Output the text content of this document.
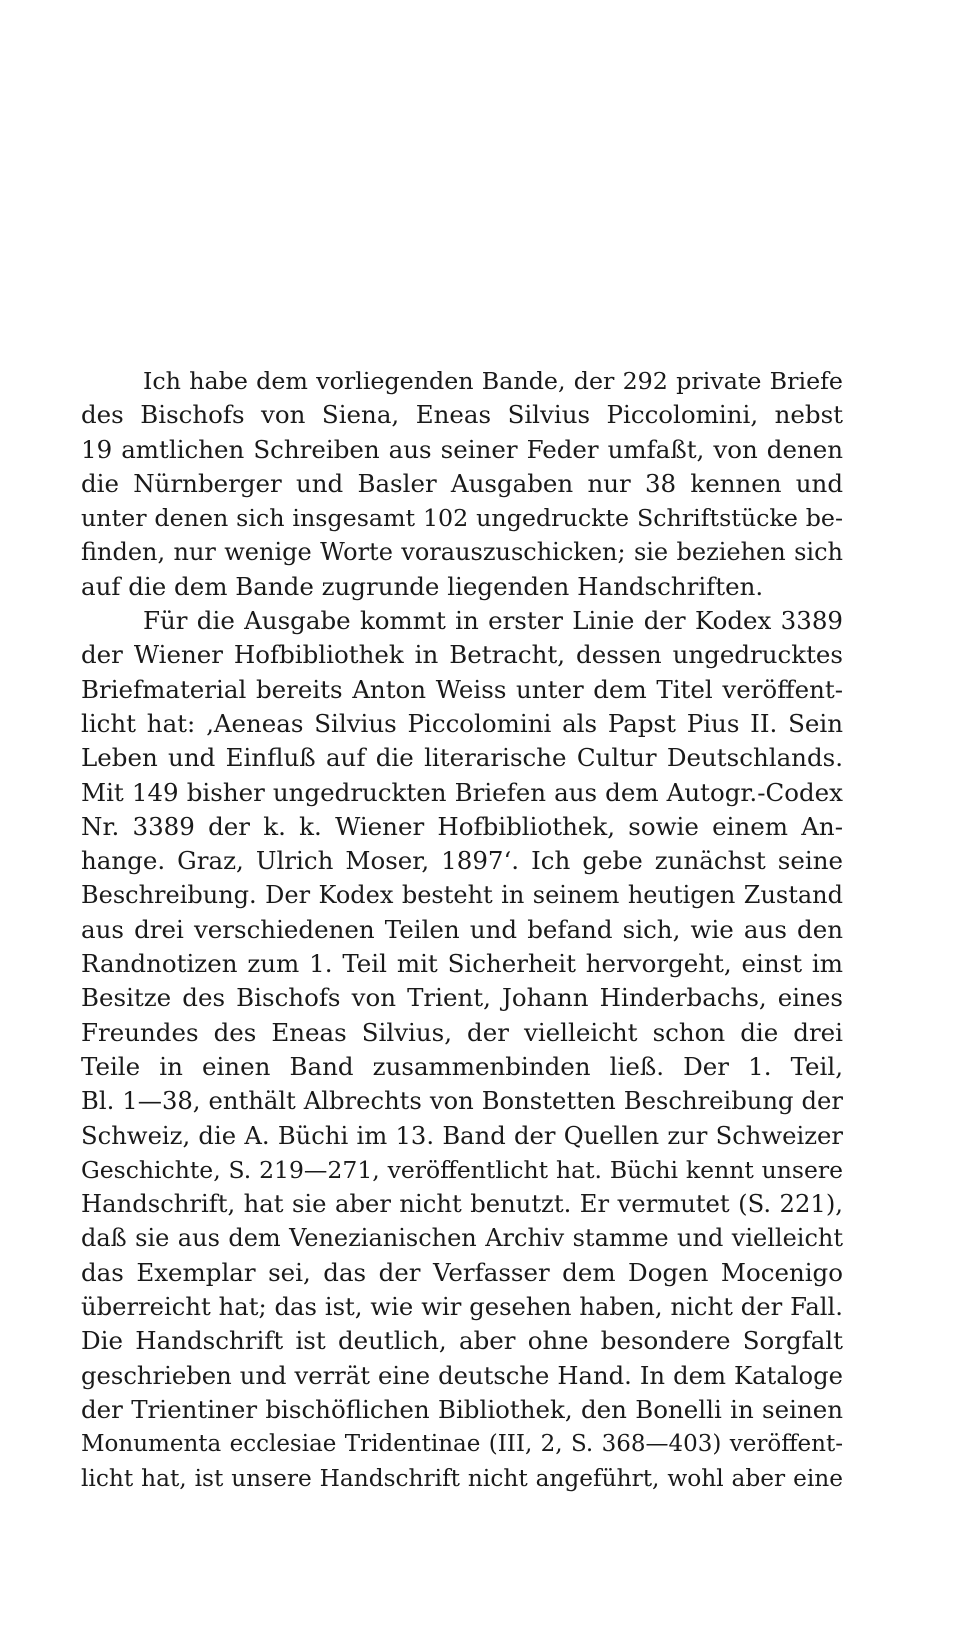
Ich habe dem vorliegenden Bande, der 292 private Briefe
des Bischofs von Siena, Eneas Silvius Piccolomini, nebst
19 amtlichen Schreiben aus seiner Feder umfaßt, von denen
die Nürnberger und Basler Ausgaben nur 38 kennen und
unter denen sich insgesamt 102 ungedruckte Schriftstücke be-
finden, nur wenige Worte vorauszuschicken; sie beziehen sich
auf die dem Bande zugrunde liegenden Handschriften.
Für die Ausgabe kommt in erster Linie der Kodex 3389
der Wiener Hofbibliothek in Betracht, dessen ungedrucktes
Briefmaterial bereits Anton Weiss unter dem Titel veröffent-
licht hat: ‚Aeneas Silvius Piccolomini als Papst Pius II. Sein
Leben und Einfluß auf die literarische Cultur Deutschlands.
Mit 149 bisher ungedruckten Briefen aus dem Autogr.-Codex
Nr. 3389 der k. k. Wiener Hofbibliothek, sowie einem An-
hange. Graz, Ulrich Moser, 1897‘. Ich gebe zunächst seine
Beschreibung. Der Kodex besteht in seinem heutigen Zustand
aus drei verschiedenen Teilen und befand sich, wie aus den
Randnotizen zum 1. Teil mit Sicherheit hervorgeht, einst im
Besitze des Bischofs von Trient, Johann Hinderbachs, eines
Freundes des Eneas Silvius, der vielleicht schon die drei
Teile in einen Band zusammenbinden ließ. Der 1. Teil,
Bl. 1—38, enthält Albrechts von Bonstetten Beschreibung der
Schweiz, die A. Büchi im 13. Band der Quellen zur Schweizer
Geschichte, S. 219—271, veröffentlicht hat. Büchi kennt unsere
Handschrift, hat sie aber nicht benutzt. Er vermutet (S. 221),
daß sie aus dem Venezianischen Archiv stamme und vielleicht
das Exemplar sei, das der Verfasser dem Dogen Mocenigo
überreicht hat; das ist, wie wir gesehen haben, nicht der Fall.
Die Handschrift ist deutlich, aber ohne besondere Sorgfalt
geschrieben und verrät eine deutsche Hand. In dem Kataloge
der Trientiner bischöflichen Bibliothek, den Bonelli in seinen
Monumenta ecclesiae Tridentinae (III, 2, S. 368—403) veröffent-
licht hat, ist unsere Handschrift nicht angeführt, wohl aber eine
